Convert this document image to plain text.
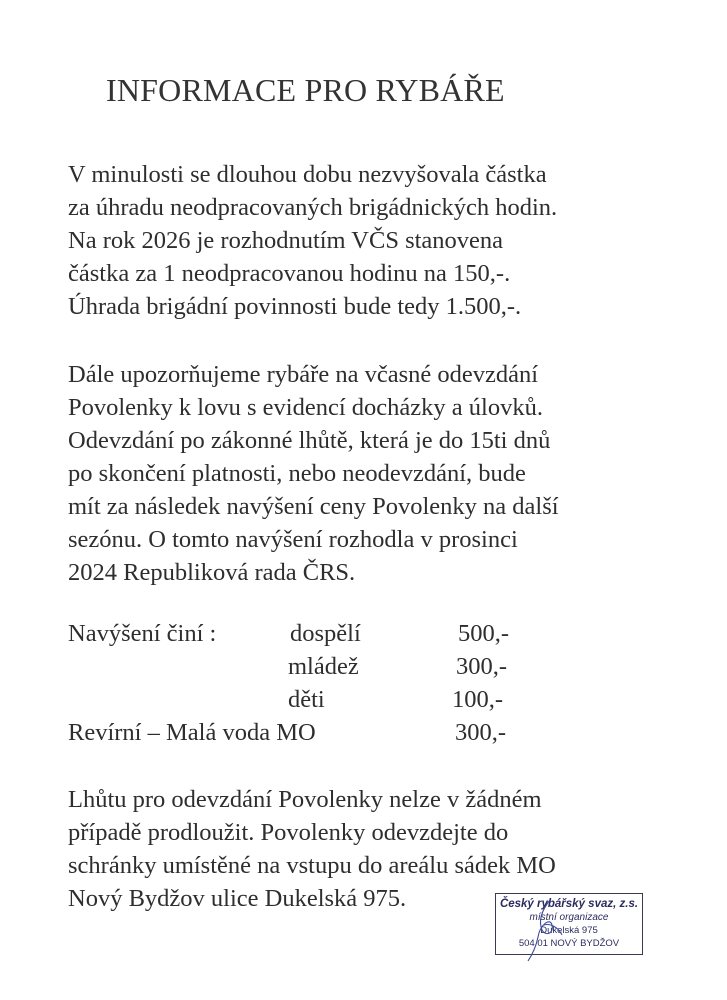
INFORMACE PRO RYBÁŘE
V minulosti se dlouhou dobu nezvyšovala částka
za úhradu neodpracovaných brigádnických hodin.
Na rok 2026 je rozhodnutím VČS stanovena
částka za 1 neodpracovanou hodinu na 150,-.
Úhrada brigádní povinnosti bude tedy 1.500,-.
Dále upozorňujeme rybáře na včasné odevzdání
Povolenky k lovu s evidencí docházky a úlovků.
Odevzdání po zákonné lhůtě, která je do 15ti dnů
po skončení platnosti, nebo neodevzdání, bude
mít za následek navýšení ceny Povolenky na další
sezónu. O tomto navýšení rozhodla v prosinci
2024 Republiková rada ČRS.
Navýšení činí :	dospělí	500,-
mládež	300,-
děti	100,-
Revírní – Malá voda MO	300,-
Lhůtu pro odevzdání Povolenky nelze v žádném
případě prodloužit. Povolenky odevzdejte do
schránky umístěné na vstupu do areálu sádek MO
Nový Bydžov ulice Dukelská 975.	Český rybářský svaz, z.s.
místní organizace
Dukelská 975
504 01 NOVÝ BYDŽOV
